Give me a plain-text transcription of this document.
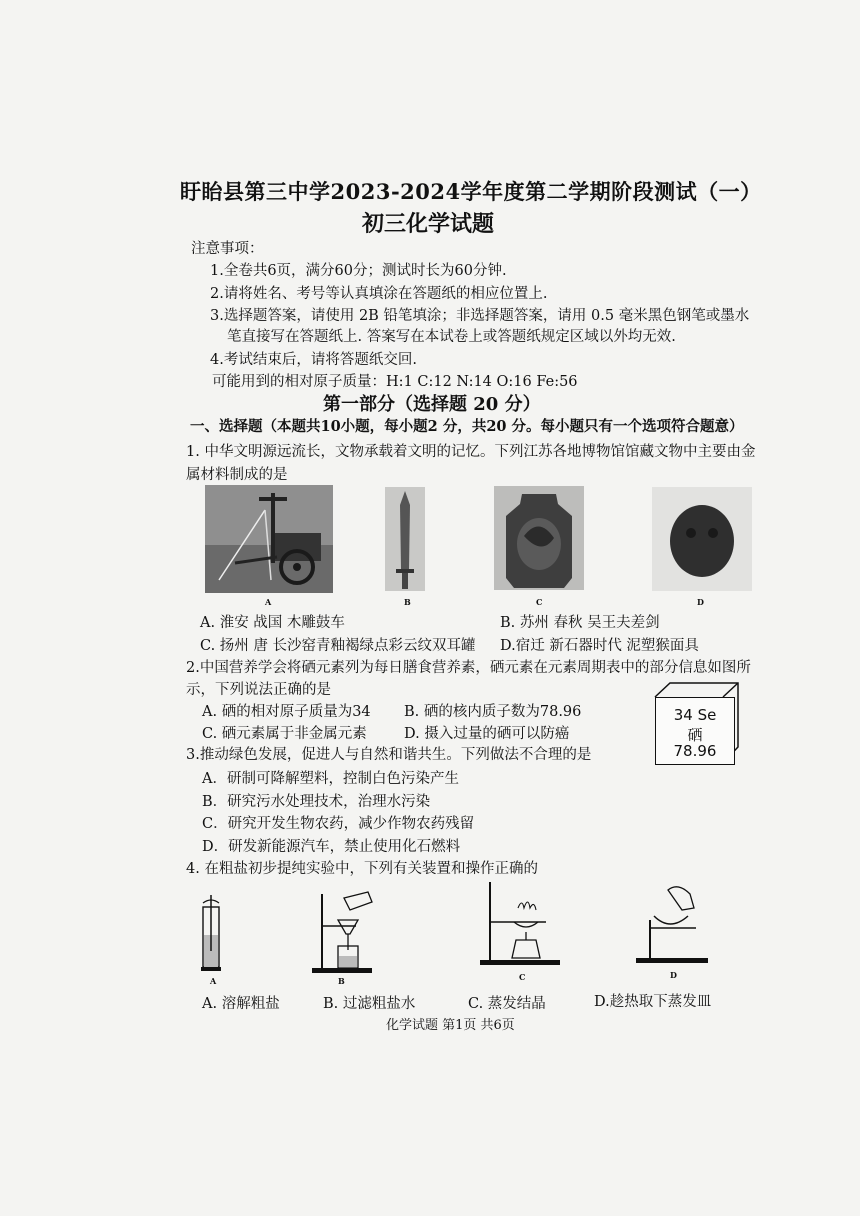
盱眙县第三中学2023-2024学年度第二学期阶段测试（一）
初三化学试题
注意事项：
1.全卷共6页，满分60分；测试时长为60分钟.
2.请将姓名、考号等认真填涂在答题纸的相应位置上.
3.选择题答案，请使用 2B 铅笔填涂；非选择题答案，请用 0.5 毫米黑色钢笔或墨水
笔直接写在答题纸上. 答案写在本试卷上或答题纸规定区域以外均无效.
4.考试结束后，请将答题纸交回.
可能用到的相对原子质量：H:1 C:12 N:14 O:16 Fe:56
第一部分（选择题 20 分）
一、选择题（本题共10小题，每小题2 分，共20 分。每小题只有一个选项符合题意）
1. 中华文明源远流长，文物承载着文明的记忆。下列江苏各地博物馆馆藏文物中主要由金
属材料制成的是
A	B	C	D
A. 淮安 战国 木雕鼓车	B. 苏州 春秋 吴王夫差剑
C. 扬州 唐 长沙窑青釉褐绿点彩云纹双耳罐 D.宿迁 新石器时代 泥塑猴面具
2.中国营养学会将硒元素列为每日膳食营养素，硒元素在元素周期表中的部分信息如图所
示，下列说法正确的是
A. 硒的相对原子质量为34 B. 硒的核内质子数为78.96
C. 硒元素属于非金属元素	D. 摄入过量的硒可以防癌
34 Se
硒
78.96
3.推动绿色发展，促进人与自然和谐共生。下列做法不合理的是
A．研制可降解塑料，控制白色污染产生
B．研究污水处理技术，治理水污染
C．研究开发生物农药，减少作物农药残留
D．研发新能源汽车，禁止使用化石燃料
4. 在粗盐初步提纯实验中，下列有关装置和操作正确的
A	B	C	D
A. 溶解粗盐	B. 过滤粗盐水	C. 蒸发结晶	D.趁热取下蒸发皿
化学试题 第1页 共6页
